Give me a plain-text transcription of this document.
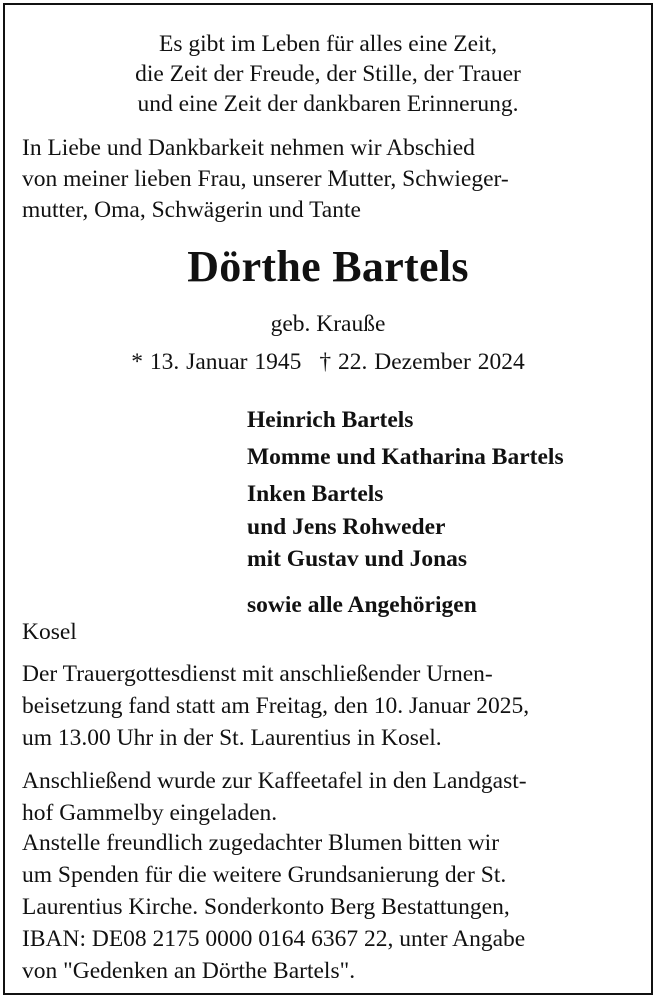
Es gibt im Leben für alles eine Zeit,
die Zeit der Freude, der Stille, der Trauer
und eine Zeit der dankbaren Erinnerung.
In Liebe und Dankbarkeit nehmen wir Abschied
von meiner lieben Frau, unserer Mutter, Schwieger-
mutter, Oma, Schwägerin und Tante
Dörthe Bartels
geb. Krauße
* 13. Januar 1945 † 22. Dezember 2024
Heinrich Bartels
Momme und Katharina Bartels
Inken Bartels
und Jens Rohweder
mit Gustav und Jonas
sowie alle Angehörigen
Kosel
Der Trauergottesdienst mit anschließender Urnen-
beisetzung fand statt am Freitag, den 10. Januar 2025,
um 13.00 Uhr in der St. Laurentius in Kosel.
Anschließend wurde zur Kaffeetafel in den Landgast-
hof Gammelby eingeladen.
Anstelle freundlich zugedachter Blumen bitten wir
um Spenden für die weitere Grundsanierung der St.
Laurentius Kirche. Sonderkonto Berg Bestattungen,
IBAN: DE08 2175 0000 0164 6367 22, unter Angabe
von "Gedenken an Dörthe Bartels".
